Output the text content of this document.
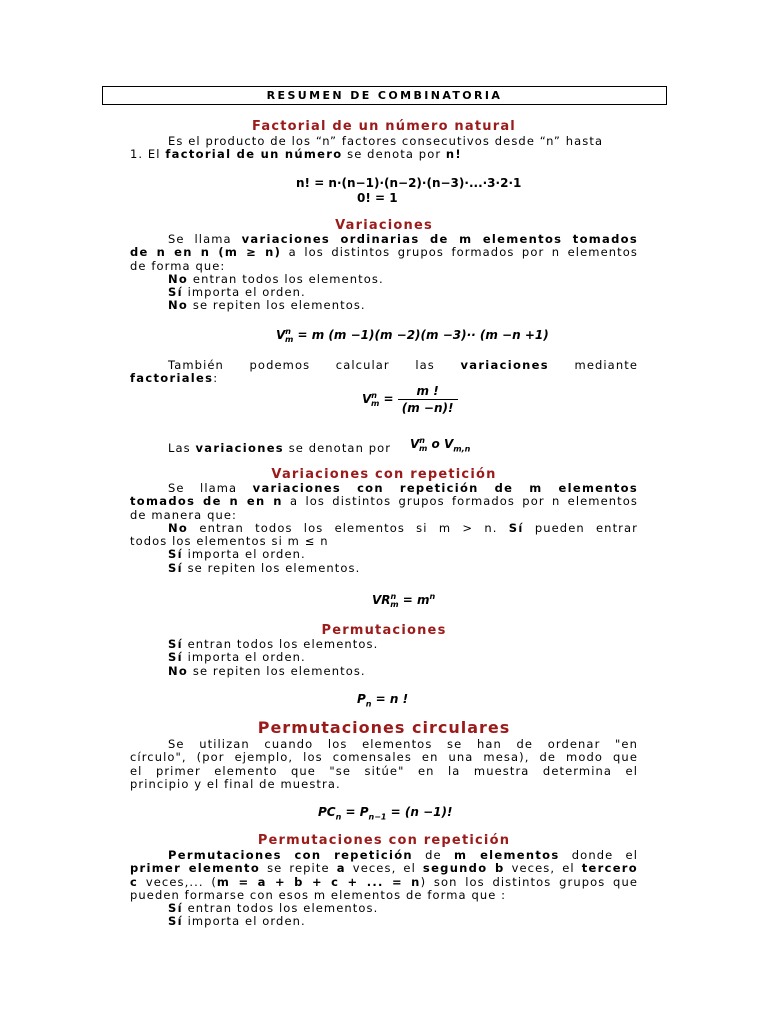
RESUMEN DE COMBINATORIA
Factorial de un número natural
Es el producto de los “n” factores consecutivos desde “n” hasta
1. El factorial de un número se denota por n!
n! = n·(n−1)·(n−2)·(n−3)·...·3·2·1
0! = 1
Variaciones
Se llama variaciones ordinarias de m elementos tomados
de n en n (m ≥ n) a los distintos grupos formados por n elementos
de forma que:
No entran todos los elementos.
Sí importa el orden.
No se repiten los elementos.
$V^n_m = m$ (m −1)(m −2)(m −3)·· (m −n +1)
También podemos calcular las variaciones mediante
factoriales:
$V^n_m = \frac{m !}{(m -n)!}$
Las variaciones se denotan por	$V^n_m$ o $V_{m,n}$
Variaciones con repetición
Se llama variaciones con repetición de m elementos
tomados de n en n a los distintos grupos formados por n elementos
de manera que:
No entran todos los elementos si m > n. Sí pueden entrar
todos los elementos si m ≤ n
Sí importa el orden.
Sí se repiten los elementos.
$VR^n_m = m^n$
Permutaciones
Sí entran todos los elementos.
Sí importa el orden.
No se repiten los elementos.
$P_n = n$ !
Permutaciones circulares
Se utilizan cuando los elementos se han de ordenar "en
círculo", (por ejemplo, los comensales en una mesa), de modo que
el primer elemento que "se sitúe" en la muestra determina el
principio y el final de muestra.
$PC_n = P_{n-1} = (n -1)$!
Permutaciones con repetición
Permutaciones con repetición de m elementos donde el
primer elemento se repite a veces, el segundo b veces, el tercero
c veces,... (m = a + b + c + ... = n) son los distintos grupos que
pueden formarse con esos m elementos de forma que :
Sí entran todos los elementos.
Sí importa el orden.
